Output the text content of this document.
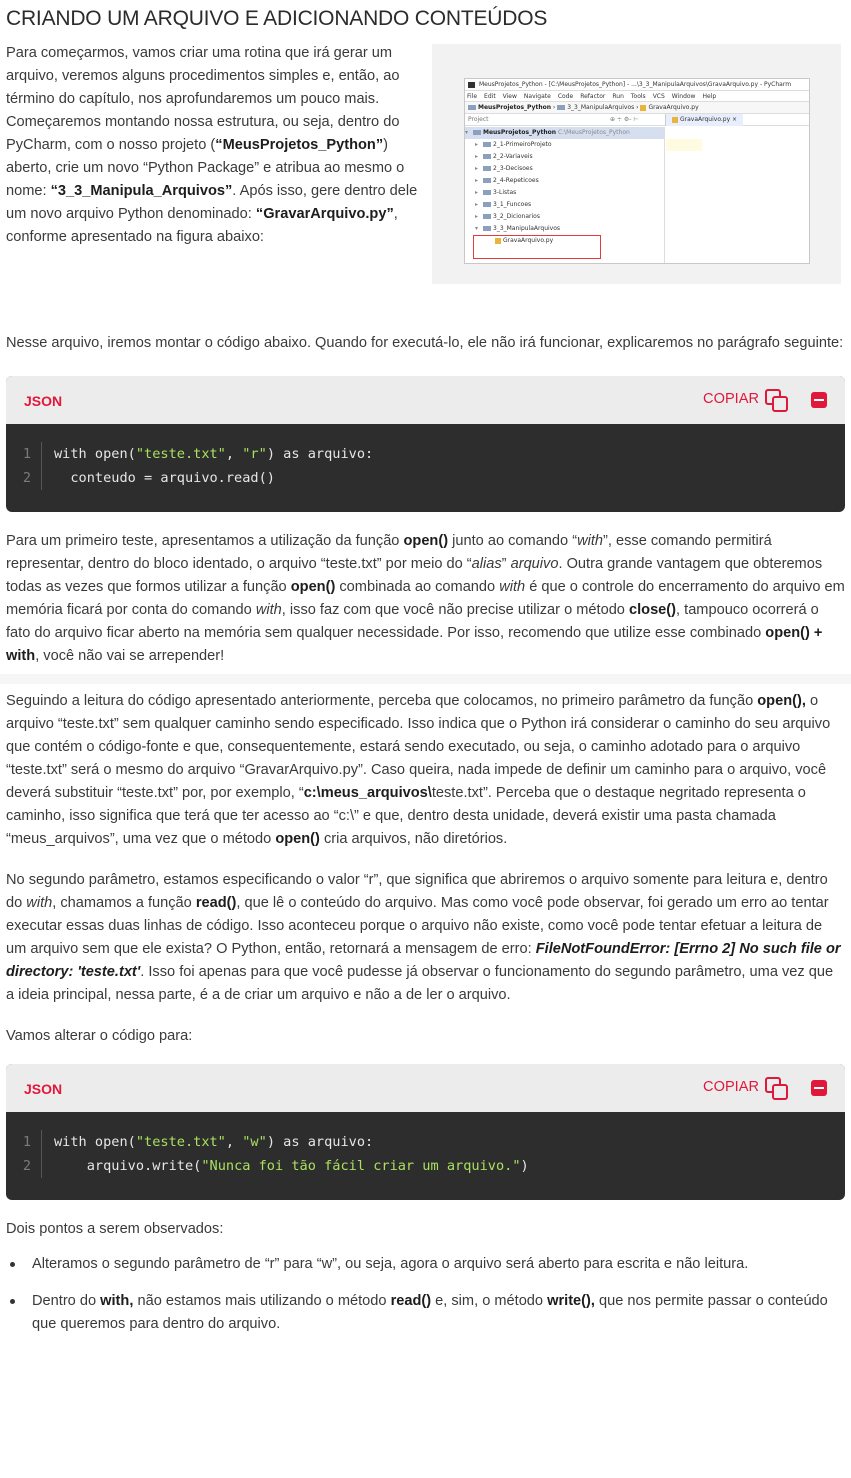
CRIANDO UM ARQUIVO E ADICIONANDO CONTEÚDOS

Para começarmos, vamos criar uma rotina que irá gerar um arquivo, veremos alguns procedimentos simples e, então, ao término do capítulo, nos aprofundaremos um pouco mais. Começaremos montando nossa estrutura, ou seja, dentro do PyCharm, com o nosso projeto (“MeusProjetos_Python”) aberto, crie um novo “Python Package” e atribua ao mesmo o nome: “3_3_Manipula_Arquivos”. Após isso, gere dentro dele um novo arquivo Python denominado: “GravarArquivo.py”, conforme apresentado na figura abaixo:

MeusProjetos_Python - [C:\MeusProjetos_Python] - ...\3_3_ManipulaArquivos\GravaArquivo.py - PyCharm
File Edit View Navigate Code Refactor Run Tools VCS Window Help
MeusProjetos_Python › 3_3_ManipulaArquivos › GravaArquivo.py
Project	⊕ ÷ ⚙- ⊢	GravaArquivo.py ×
▾ MeusProjetos_Python C:\MeusProjetos_Python
▸ 2_1-PrimeiroProjeto
▸ 2_2-Variaveis
▸ 2_3-Decisoes
▸ 2_4-Repeticoes
▸ 3-Listas
▸ 3_1_Funcoes
▸ 3_2_Dicionarios
▾ 3_3_ManipulaArquivos
GravaArquivo.py

Nesse arquivo, iremos montar o código abaixo. Quando for executá-lo, ele não irá funcionar, explicaremos no parágrafo seguinte:

JSON	COPIAR
1	with open( "teste.txt" , "r" ) as arquivo:
2	conteudo = arquivo.read()

Para um primeiro teste, apresentamos a utilização da função open() junto ao comando “with”, esse comando permitirá representar, dentro do bloco identado, o arquivo “teste.txt” por meio do “alias” arquivo. Outra grande vantagem que obteremos todas as vezes que formos utilizar a função open() combinada ao comando with é que o controle do encerramento do arquivo em memória ficará por conta do comando with, isso faz com que você não precise utilizar o método close(), tampouco ocorrerá o fato do arquivo ficar aberto na memória sem qualquer necessidade. Por isso, recomendo que utilize esse combinado open() + with, você não vai se arrepender!

Seguindo a leitura do código apresentado anteriormente, perceba que colocamos, no primeiro parâmetro da função open(), o arquivo “teste.txt” sem qualquer caminho sendo especificado. Isso indica que o Python irá considerar o caminho do seu arquivo que contém o código-fonte e que, consequentemente, estará sendo executado, ou seja, o caminho adotado para o arquivo “teste.txt” será o mesmo do arquivo “GravarArquivo.py”. Caso queira, nada impede de definir um caminho para o arquivo, você deverá substituir “teste.txt” por, por exemplo, “c:\meus_arquivos\teste.txt”. Perceba que o destaque negritado representa o caminho, isso significa que terá que ter acesso ao “c:\” e que, dentro desta unidade, deverá existir uma pasta chamada “meus_arquivos”, uma vez que o método open() cria arquivos, não diretórios.

No segundo parâmetro, estamos especificando o valor “r”, que significa que abriremos o arquivo somente para leitura e, dentro do with, chamamos a função read(), que lê o conteúdo do arquivo. Mas como você pode observar, foi gerado um erro ao tentar executar essas duas linhas de código. Isso aconteceu porque o arquivo não existe, como você pode tentar efetuar a leitura de um arquivo sem que ele exista? O Python, então, retornará a mensagem de erro: FileNotFoundError: [Errno 2] No such file or directory: 'teste.txt'. Isso foi apenas para que você pudesse já observar o funcionamento do segundo parâmetro, uma vez que a ideia principal, nessa parte, é a de criar um arquivo e não a de ler o arquivo.

Vamos alterar o código para:

JSON	COPIAR
1	with open( "teste.txt" , "w" ) as arquivo:
2	arquivo.write( "Nunca foi tão fácil criar um arquivo." )

Dois pontos a serem observados:

Alteramos o segundo parâmetro de “r” para “w”, ou seja, agora o arquivo será aberto para escrita e não leitura.
Dentro do with, não estamos mais utilizando o método read() e, sim, o método write(), que nos permite passar o conteúdo que queremos para dentro do arquivo.
